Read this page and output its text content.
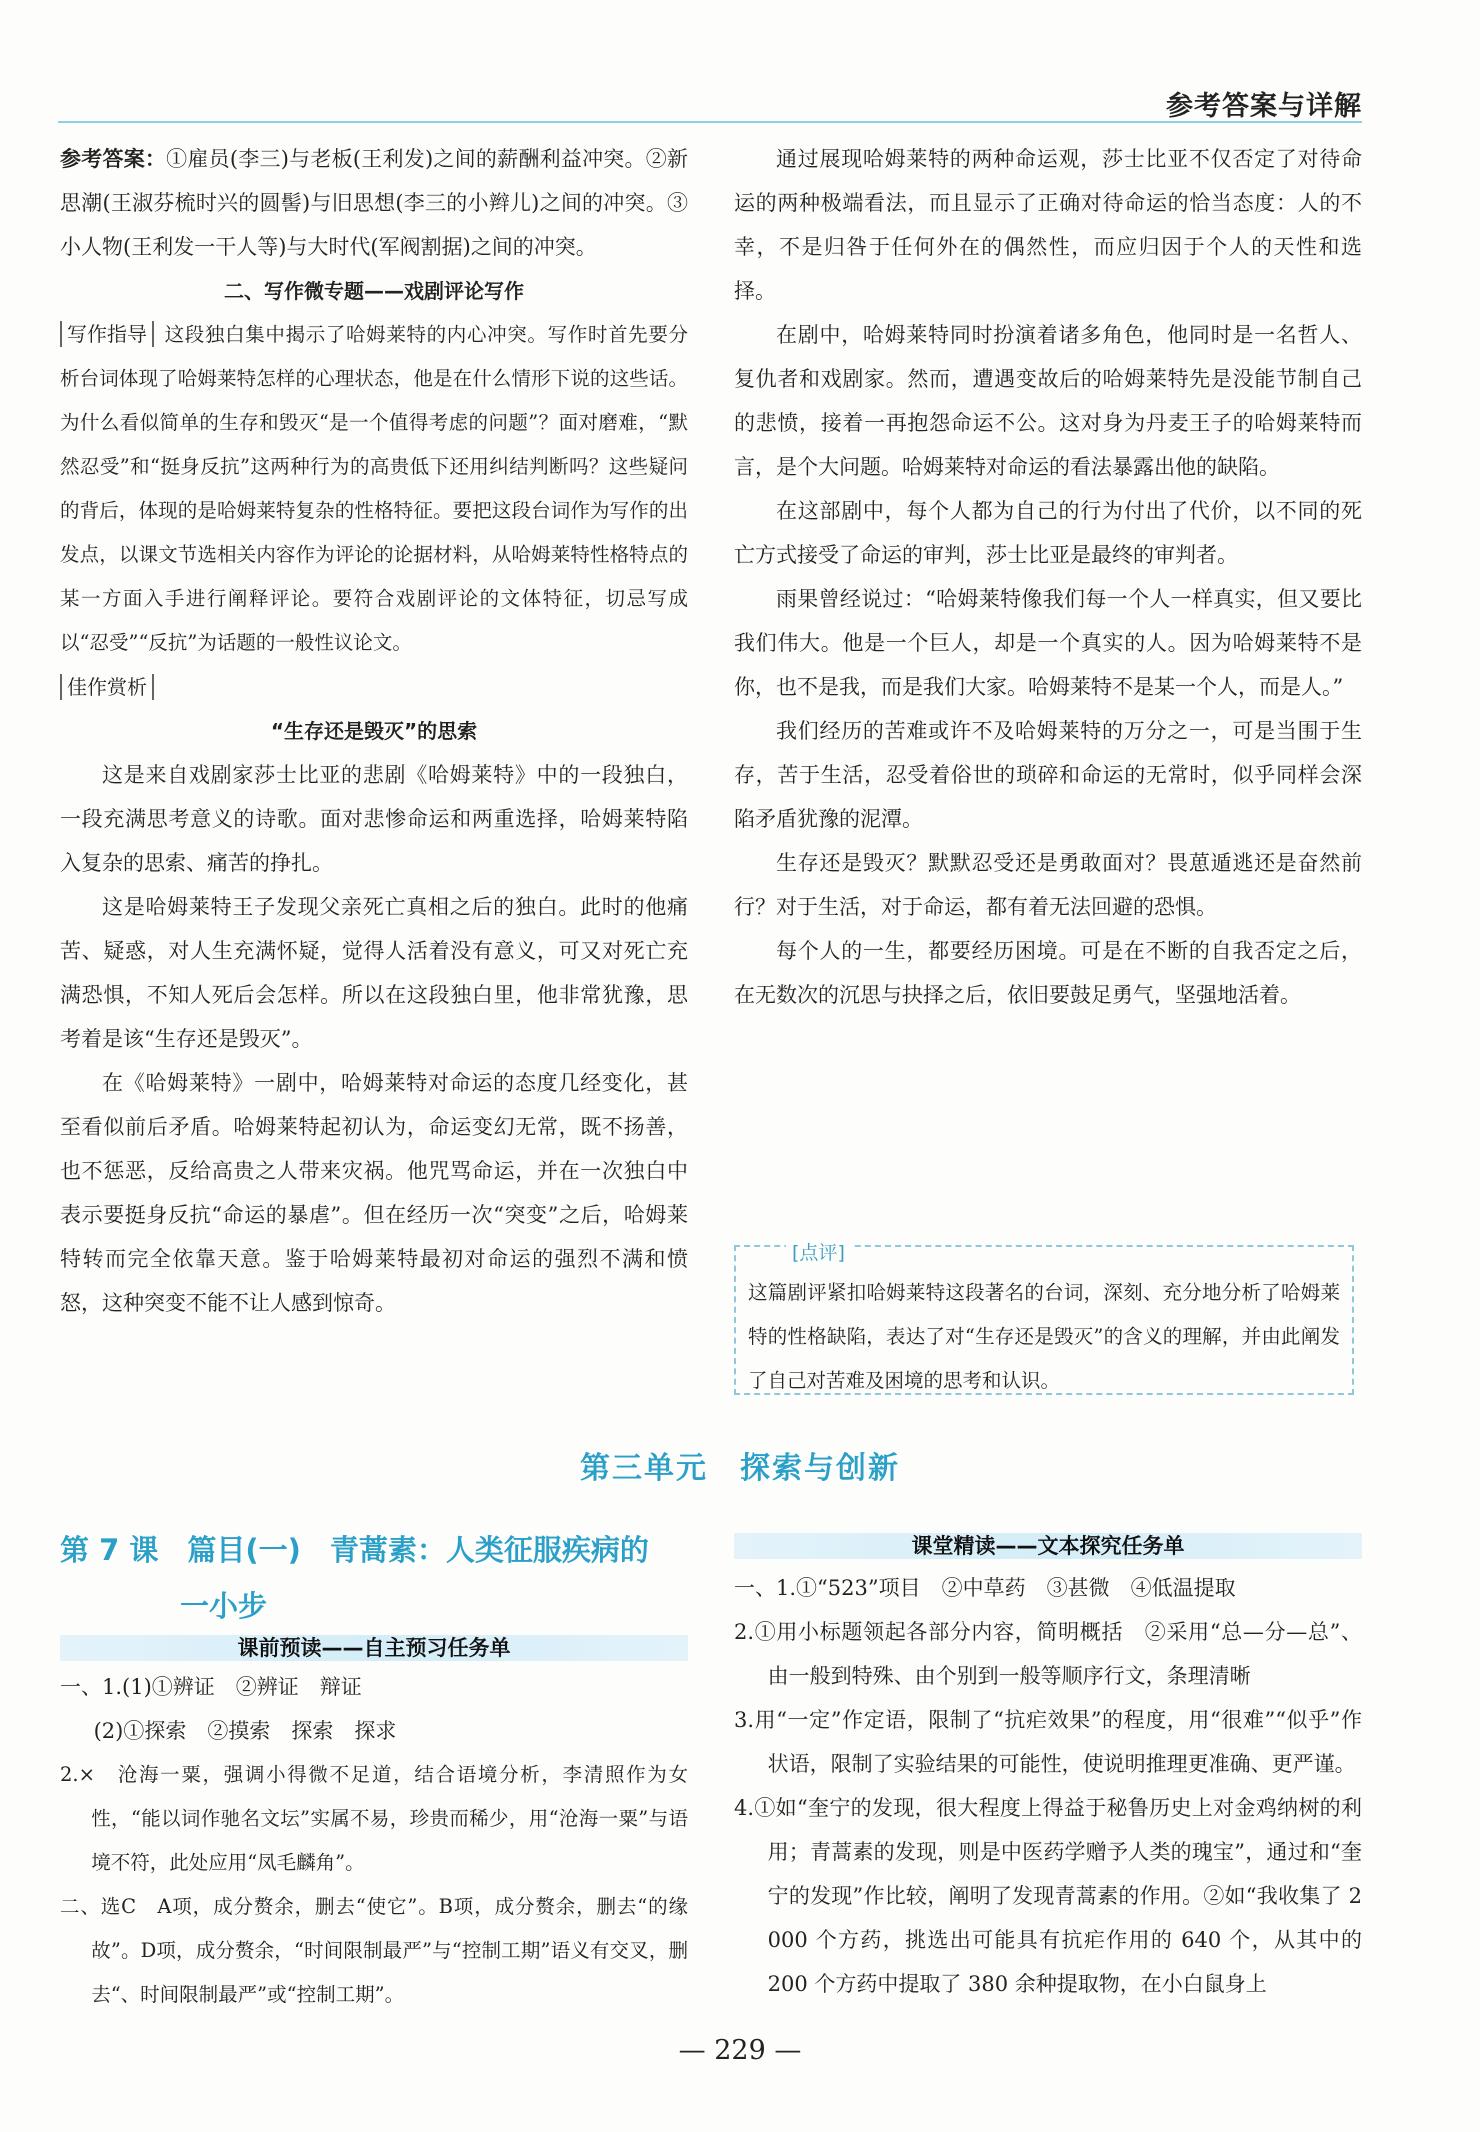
参考答案与详解

参考答案：①雇员(李三)与老板(王利发)之间的薪酬利益冲突。②新思潮(王淑芬梳时兴的圆髻)与旧思想(李三的小辫儿)之间的冲突。③小人物(王利发一干人等)与大时代(军阀割据)之间的冲突。

二、写作微专题——戏剧评论写作

写作指导 这段独白集中揭示了哈姆莱特的内心冲突。写作时首先要分析台词体现了哈姆莱特怎样的心理状态，他是在什么情形下说的这些话。为什么看似简单的生存和毁灭“是一个值得考虑的问题”？面对磨难，“默然忍受”和“挺身反抗”这两种行为的高贵低下还用纠结判断吗？这些疑问的背后，体现的是哈姆莱特复杂的性格特征。要把这段台词作为写作的出发点，以课文节选相关内容作为评论的论据材料，从哈姆莱特性格特点的某一方面入手进行阐释评论。要符合戏剧评论的文体特征，切忌写成以“忍受”“反抗”为话题的一般性议论文。

佳作赏析

“生存还是毁灭”的思索

这是来自戏剧家莎士比亚的悲剧《哈姆莱特》中的一段独白，一段充满思考意义的诗歌。面对悲惨命运和两重选择，哈姆莱特陷入复杂的思索、痛苦的挣扎。

这是哈姆莱特王子发现父亲死亡真相之后的独白。此时的他痛苦、疑惑，对人生充满怀疑，觉得人活着没有意义，可又对死亡充满恐惧，不知人死后会怎样。所以在这段独白里，他非常犹豫，思考着是该“生存还是毁灭”。

在《哈姆莱特》一剧中，哈姆莱特对命运的态度几经变化，甚至看似前后矛盾。哈姆莱特起初认为，命运变幻无常，既不扬善，也不惩恶，反给高贵之人带来灾祸。他咒骂命运，并在一次独白中表示要挺身反抗“命运的暴虐”。但在经历一次“突变”之后，哈姆莱特转而完全依靠天意。鉴于哈姆莱特最初对命运的强烈不满和愤怒，这种突变不能不让人感到惊奇。

通过展现哈姆莱特的两种命运观，莎士比亚不仅否定了对待命运的两种极端看法，而且显示了正确对待命运的恰当态度：人的不幸，不是归咎于任何外在的偶然性，而应归因于个人的天性和选择。

在剧中，哈姆莱特同时扮演着诸多角色，他同时是一名哲人、复仇者和戏剧家。然而，遭遇变故后的哈姆莱特先是没能节制自己的悲愤，接着一再抱怨命运不公。这对身为丹麦王子的哈姆莱特而言，是个大问题。哈姆莱特对命运的看法暴露出他的缺陷。

在这部剧中，每个人都为自己的行为付出了代价，以不同的死亡方式接受了命运的审判，莎士比亚是最终的审判者。

雨果曾经说过：“哈姆莱特像我们每一个人一样真实，但又要比我们伟大。他是一个巨人，却是一个真实的人。因为哈姆莱特不是你，也不是我，而是我们大家。哈姆莱特不是某一个人，而是人。”

我们经历的苦难或许不及哈姆莱特的万分之一，可是当围于生存，苦于生活，忍受着俗世的琐碎和命运的无常时，似乎同样会深陷矛盾犹豫的泥潭。

生存还是毁灭？默默忍受还是勇敢面对？畏葸遁逃还是奋然前行？对于生活，对于命运，都有着无法回避的恐惧。

每个人的一生，都要经历困境。可是在不断的自我否定之后，在无数次的沉思与抉择之后，依旧要鼓足勇气，坚强地活着。

[点评]

这篇剧评紧扣哈姆莱特这段著名的台词，深刻、充分地分析了哈姆莱特的性格缺陷，表达了对“生存还是毁灭”的含义的理解，并由此阐发了自己对苦难及困境的思考和认识。

第三单元　探索与创新
第 7 课　篇目(一)　青蒿素：人类征服疾病的
一小步
课前预读——自主预习任务单
课堂精读——文本探究任务单

一、1.(1)①辨证　②辨证　辩证

(2)①探索　②摸索　探索　探求

2.×　沧海一粟，强调小得微不足道，结合语境分析，李清照作为女性，“能以词作驰名文坛”实属不易，珍贵而稀少，用“沧海一粟”与语境不符，此处应用“凤毛麟角”。

二、选C　A项，成分赘余，删去“使它”。B项，成分赘余，删去“的缘故”。D项，成分赘余，“时间限制最严”与“控制工期”语义有交叉，删去“、时间限制最严”或“控制工期”。

一、1.①“523”项目　②中草药　③甚微　④低温提取

2.①用小标题领起各部分内容，简明概括　②采用“总—分—总”、由一般到特殊、由个别到一般等顺序行文，条理清晰

3.用“一定”作定语，限制了“抗疟效果”的程度，用“很难”“似乎”作状语，限制了实验结果的可能性，使说明推理更准确、更严谨。

4.①如“奎宁的发现，很大程度上得益于秘鲁历史上对金鸡纳树的利用；青蒿素的发现，则是中医药学赠予人类的瑰宝”，通过和“奎宁的发现”作比较，阐明了发现青蒿素的作用。②如“我收集了 2 000 个方药，挑选出可能具有抗疟作用的 640 个，从其中的 200 个方药中提取了 380 余种提取物，在小白鼠身上

— 229 —
